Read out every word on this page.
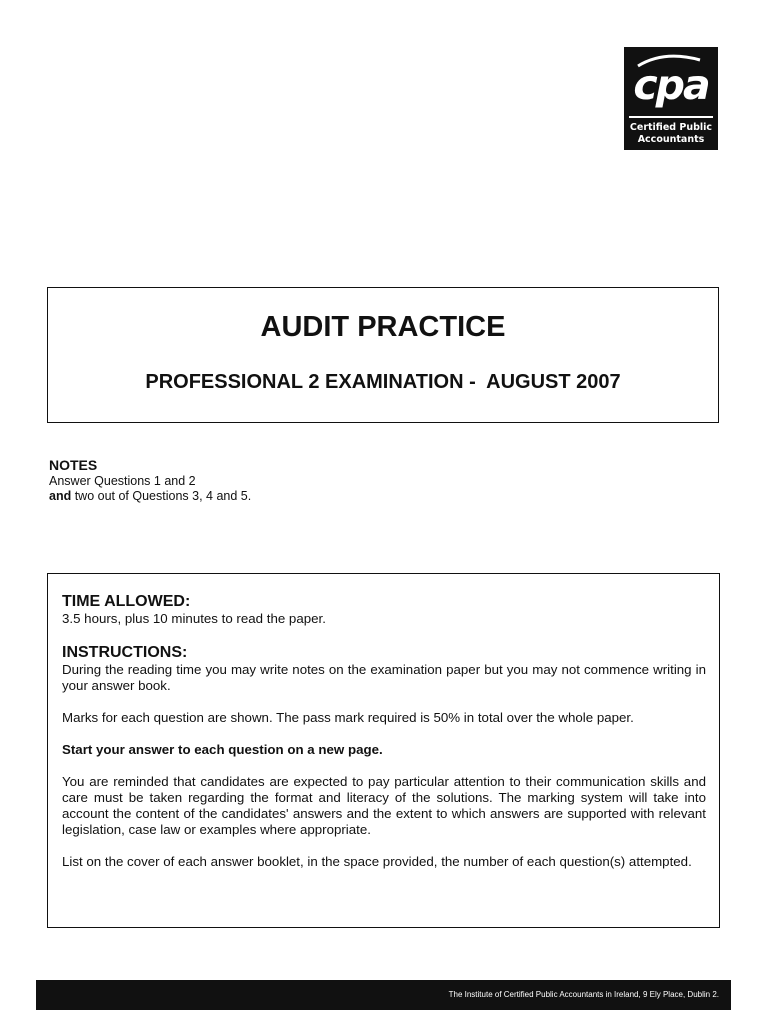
cpa
Certified Public
Accountants
AUDIT PRACTICE
PROFESSIONAL 2 EXAMINATION -  AUGUST 2007
NOTES
Answer Questions 1 and 2
and two out of Questions 3, 4 and 5.
TIME ALLOWED:

3.5 hours, plus 10 minutes to read the paper.

INSTRUCTIONS:

During the reading time you may write notes on the examination paper but you may not commence writing in your answer book.

Marks for each question are shown. The pass mark required is 50% in total over the whole paper.

Start your answer to each question on a new page.

You are reminded that candidates are expected to pay particular attention to their communication skills and care must be taken regarding the format and literacy of the solutions. The marking system will take into account the content of the candidates' answers and the extent to which answers are supported with relevant legislation, case law or examples where appropriate.

List on the cover of each answer booklet, in the space provided, the number of each question(s) attempted.

The Institute of Certified Public Accountants in Ireland, 9 Ely Place, Dublin 2.
